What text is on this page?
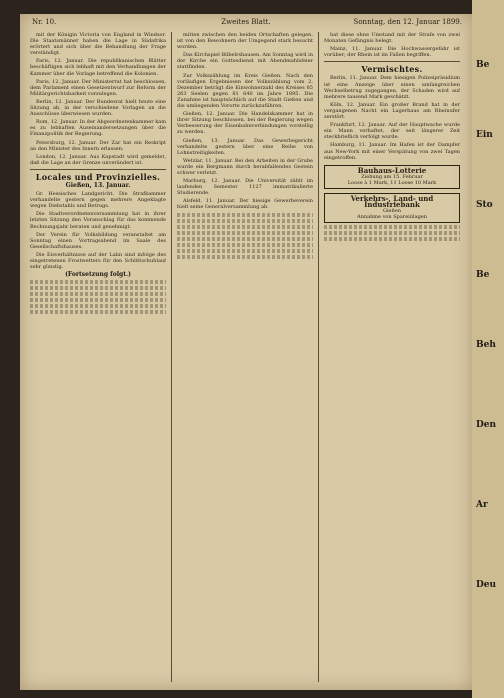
Nr. 10.	Zweites Blatt.	Sonntag, den 12. Januar 1899.

mit der Königin Victoria von England in Windsor. Die Staatsmänner haben die Lage in Südafrika erörtert und sich über die Behandlung der Frage verständigt.

Paris, 12. Januar. Die republikanischen Blätter beschäftigen sich lebhaft mit den Verhandlungen der Kammer über die Vorlage betreffend die Kolonien.

Paris, 12. Januar. Der Ministerrat hat beschlossen, dem Parlament einen Gesetzentwurf zur Reform der Militärgerichtsbarkeit vorzulegen.

Berlin, 12. Januar. Der Bundesrat hielt heute eine Sitzung ab, in der verschiedene Vorlagen an die Ausschüsse überwiesen wurden.

Rom, 12. Januar. In der Abgeordnetenkammer kam es zu lebhaften Auseinandersetzungen über die Finanzpolitik der Regierung.

Petersburg, 12. Januar. Der Zar hat ein Reskript an den Minister des Innern erlassen.

London, 12. Januar. Aus Kapstadt wird gemeldet, daß die Lage an der Grenze unverändert ist.

Locales und Provinzielles.
Gießen, 13. Januar.

Gr. Hessisches Landgericht. Die Strafkammer verhandelte gestern gegen mehrere Angeklagte wegen Diebstahls und Betrugs.

Die Stadtverordnetenversammlung hat in ihrer letzten Sitzung den Voranschlag für das kommende Rechnungsjahr beraten und genehmigt.

Der Verein für Volksbildung veranstaltet am Sonntag einen Vortragsabend im Saale des Gesellschaftshauses.

Die Eisverhältnisse auf der Lahn sind infolge des eingetretenen Frostwetters für den Schlittschuhlauf sehr günstig.

(Fortsetzung folgt.)

mitten zwischen den beiden Ortschaften gelegen, ist von den Bewohnern der Umgegend stark besucht worden.

Das Kirchspiel Bilbelrshausen. Am Sonntag wird in der Kirche ein Gottesdienst mit Abendmahlsfeier stattfinden.

Zur Volkszählung im Kreis Gießen. Nach den vorläufigen Ergebnissen der Volkszählung vom 2. Dezember beträgt die Einwohnerzahl des Kreises 85 263 Seelen gegen 81 640 im Jahre 1895. Die Zunahme ist hauptsächlich auf die Stadt Gießen und die umliegenden Vororte zurückzuführen.

Gießen, 12. Januar. Die Handelskammer hat in ihrer Sitzung beschlossen, bei der Regierung wegen Verbesserung der Eisenbahnverbindungen vorstellig zu werden.

Gießen, 13. Januar. Das Gewerbegericht verhandelte gestern über eine Reihe von Lohnstreitigkeiten.

Wetzlar, 11. Januar. Bei den Arbeiten in der Grube wurde ein Bergmann durch herabfallendes Gestein schwer verletzt.

Marburg, 12. Januar. Die Universität zählt im laufenden Semester 1127 immatrikulierte Studierende.

Alsfeld, 11. Januar. Der hiesige Gewerbeverein hielt seine Generalversammlung ab.

hat diese ohne Umstand mit der Strafe von zwei Monaten Gefängnis belegt.

Mainz, 11. Januar. Die Hochwassergefahr ist vorüber; der Rhein ist im Fallen begriffen.

Vermischtes.

Berlin, 11. Januar. Dem hiesigen Polizeipräsidium ist eine Anzeige über einen umfangreichen Wechselbetrug zugegangen, der Schaden wird auf mehrere tausend Mark geschätzt.

Köln, 12. Januar. Ein großer Brand hat in der vergangenen Nacht ein Lagerhaus am Rheinufer zerstört.

Frankfurt, 12. Januar. Auf der Hauptwache wurde ein Mann verhaftet, der seit längerer Zeit steckbrieflich verfolgt wurde.

Hamburg, 11. Januar. Im Hafen ist der Dampfer aus New-York mit einer Verspätung von zwei Tagen eingetroffen.

Bauhaus-Lotterie
Ziehung am 15. Februar
Loose à 1 Mark, 11 Loose 10 Mark
Verkehrs-, Land- und Industriebank
Gießen
Annahme von Spareinlagen
Be
Ein
Sto
Be
Beh
Den
Ar
Deu
